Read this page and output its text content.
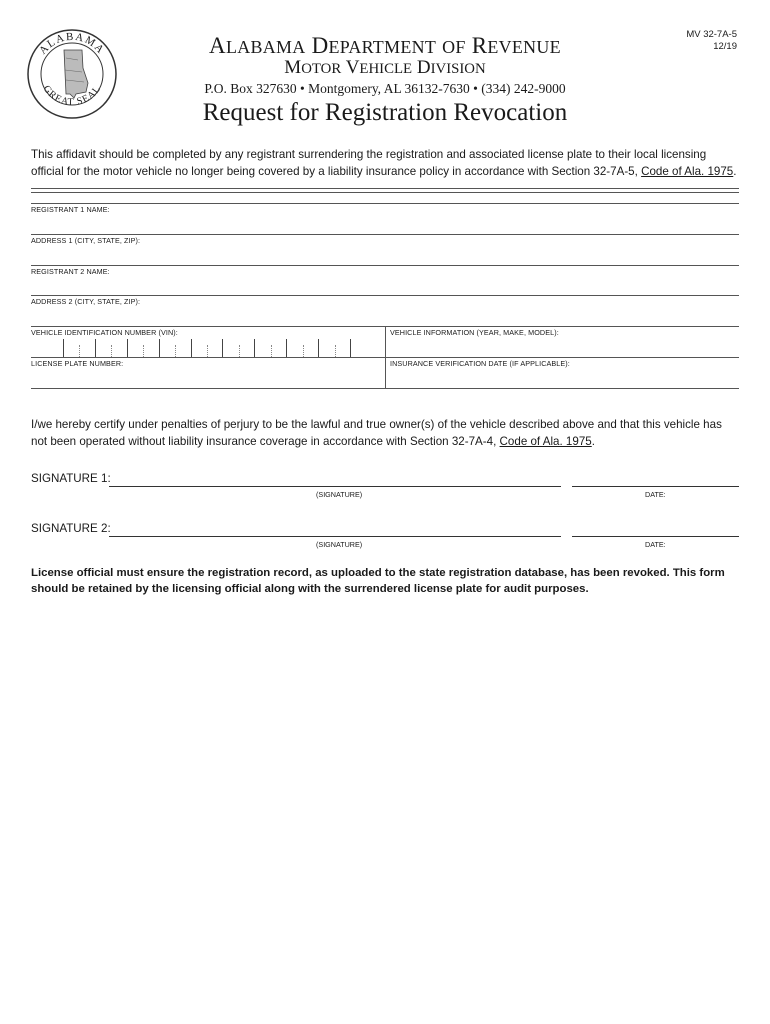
ALABAMA
GREAT SEAL
ALABAMA DEPARTMENT OF REVENUE
MOTOR VEHICLE DIVISION
P.O. Box 327630 • Montgomery, AL 36132-7630 • (334) 242-9000
Request for Registration Revocation
MV 32-7A-5
12/19
This affidavit should be completed by any registrant surrendering the registration and associated license plate to their local licensing official for the motor vehicle no longer being covered by a liability insurance policy in accordance with Section 32-7A-5, Code of Ala. 1975.
REGISTRANT 1 NAME:
ADDRESS 1 (CITY, STATE, ZIP):
REGISTRANT 2 NAME:
ADDRESS 2 (CITY, STATE, ZIP):
VEHICLE IDENTIFICATION NUMBER (VIN):	VEHICLE INFORMATION (YEAR, MAKE, MODEL):
LICENSE PLATE NUMBER:	INSURANCE VERIFICATION DATE (IF APPLICABLE):
I/we hereby certify under penalties of perjury to be the lawful and true owner(s) of the vehicle described above and that this vehicle has not been operated without liability insurance coverage in accordance with Section 32-7A-4, Code of Ala. 1975.
SIGNATURE 1:
(SIGNATURE)	DATE:
SIGNATURE 2:
(SIGNATURE)	DATE:
License official must ensure the registration record, as uploaded to the state registration database, has been revoked. This form should be retained by the licensing official along with the surrendered license plate for audit purposes.
